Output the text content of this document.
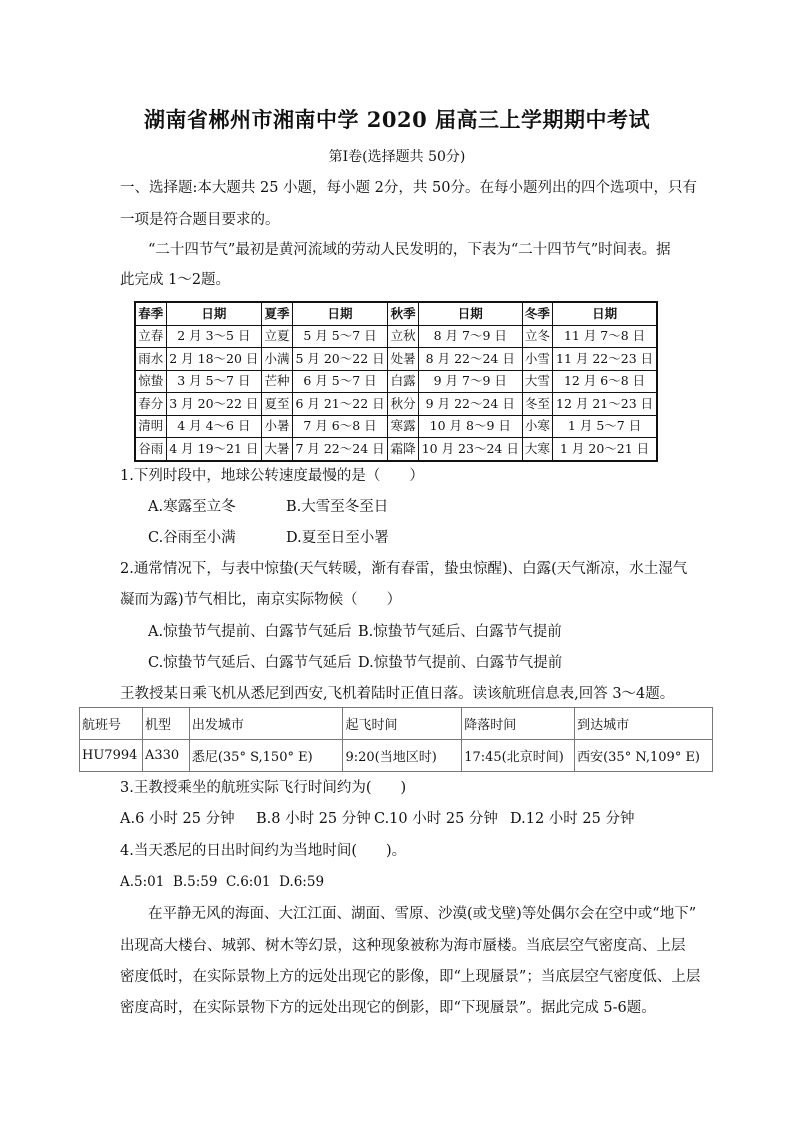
湖南省郴州市湘南中学 2020 届高三上学期期中考试
第Ⅰ卷(选择题共 50分)
一、选择题:本大题共 25 小题，每小题 2分，共 50分。在每小题列出的四个选项中，只有
一项是符合题目要求的。
“二十四节气”最初是黄河流域的劳动人民发明的，下表为“二十四节气”时间表。据
此完成 1～2题。
春季	日期	夏季	日期	秋季	日期	冬季	日期
立春	2 月 3～5 日	立夏	5 月 5～7 日	立秋	8 月 7～9 日	立冬	11 月 7～8 日
雨水	2 月 18～20 日	小满	5 月 20～22 日	处暑	8 月 22～24 日	小雪	11 月 22～23 日
惊蛰	3 月 5～7 日	芒种	6 月 5～7 日	白露	9 月 7～9 日	大雪	12 月 6～8 日
春分	3 月 20～22 日	夏至	6 月 21～22 日	秋分	9 月 22～24 日	冬至	12 月 21～23 日
清明	4 月 4～6 日	小暑	7 月 6～8 日	寒露	10 月 8～9 日	小寒	1 月 5～7 日
谷雨	4 月 19～21 日	大暑	7 月 22～24 日	霜降	10 月 23～24 日	大寒	1 月 20～21 日
1.下列时段中，地球公转速度最慢的是（　　）
A.寒露至立冬	B.大雪至冬至日
C.谷雨至小满	D.夏至日至小署
2.通常情况下，与表中惊蛰(天气转暖，渐有春雷，蛰虫惊醒)、白露(天气渐凉，水土湿气
凝而为露)节气相比，南京实际物候（　　）
A.惊蛰节气提前、白露节气延后 B.惊蛰节气延后、白露节气提前
C.惊蛰节气延后、白露节气延后 D.惊蛰节气提前、白露节气提前
王教授某日乘飞机从悉尼到西安,飞机着陆时正值日落。读该航班信息表,回答 3～4题。
航班号	机型	出发城市	起飞时间	降落时间	到达城市
HU7994	A330	悉尼(35° S,150° E)	9:20(当地区时)	17:45(北京时间)	西安(35° N,109° E)
3.王教授乘坐的航班实际飞行时间约为(　　)
A.6 小时 25 分钟 B.8 小时 25 分钟 C.10 小时 25 分钟 D.12 小时 25 分钟
4.当天悉尼的日出时间约为当地时间(　　)。
A.5:01  B.5:59  C.6:01  D.6:59
在平静无风的海面、大江江面、湖面、雪原、沙漠(或戈壁)等处偶尔会在空中或“地下”
出现高大楼台、城郭、树木等幻景，这种现象被称为海市蜃楼。当底层空气密度高、上层
密度低时，在实际景物上方的远处出现它的影像，即“上现蜃景”；当底层空气密度低、上层
密度高时，在实际景物下方的远处出现它的倒影，即“下现蜃景”。据此完成 5-6题。
